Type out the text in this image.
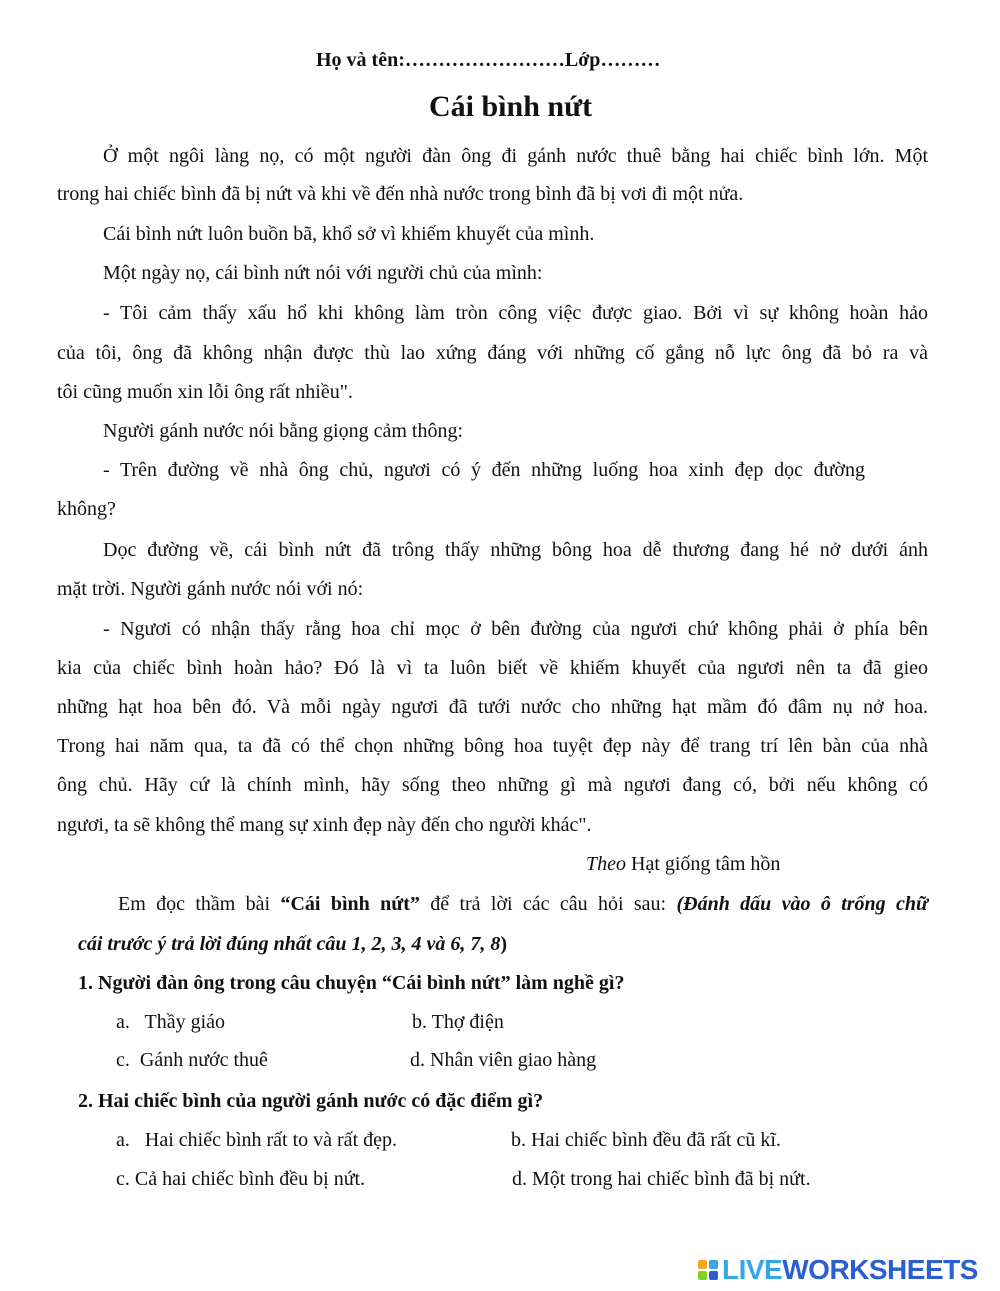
Họ và tên:……………………Lớp………
Cái bình nứt
Ở một ngôi làng nọ, có một người đàn ông đi gánh nước thuê bằng hai chiếc bình lớn. Một
trong hai chiếc bình đã bị nứt và khi về đến nhà nước trong bình đã bị vơi đi một nửa.
Cái bình nứt luôn buồn bã, khổ sở vì khiếm khuyết của mình.
Một ngày nọ, cái bình nứt nói với người chủ của mình:
- Tôi cảm thấy xấu hổ khi không làm tròn công việc được giao. Bởi vì sự không hoàn hảo
của tôi, ông đã không nhận được thù lao xứng đáng với những cố gắng nỗ lực ông đã bỏ ra và
tôi cũng muốn xin lỗi ông rất nhiều".
Người gánh nước nói bằng giọng cảm thông:
- Trên đường về nhà ông chủ, ngươi có ý đến những luống hoa xinh đẹp dọc đường
không?
Dọc đường về, cái bình nứt đã trông thấy những bông hoa dễ thương đang hé nở dưới ánh
mặt trời. Người gánh nước nói với nó:
- Ngươi có nhận thấy rằng hoa chỉ mọc ở bên đường của ngươi chứ không phải ở phía bên
kia của chiếc bình hoàn hảo? Đó là vì ta luôn biết về khiếm khuyết của ngươi nên ta đã gieo
những hạt hoa bên đó. Và mỗi ngày ngươi đã tưới nước cho những hạt mầm đó đâm nụ nở hoa.
Trong hai năm qua, ta đã có thể chọn những bông hoa tuyệt đẹp này để trang trí lên bàn của nhà
ông chủ. Hãy cứ là chính mình, hãy sống theo những gì mà ngươi đang có, bởi nếu không có
ngươi, ta sẽ không thể mang sự xinh đẹp này đến cho người khác".
Theo Hạt giống tâm hồn
Em đọc thầm bài “Cái bình nứt” để trả lời các câu hỏi sau: (Đánh dấu vào ô trống chữ
cái trước ý trả lời đúng nhất câu 1, 2, 3, 4 và 6, 7, 8)
1. Người đàn ông trong câu chuyện “Cái bình nứt” làm nghề gì?
a.   Thầy giáo	b. Thợ điện
c.  Gánh nước thuê	d. Nhân viên giao hàng
2. Hai chiếc bình của người gánh nước có đặc điểm gì?
a.   Hai chiếc bình rất to và rất đẹp.	b. Hai chiếc bình đều đã rất cũ kĩ.
c. Cả hai chiếc bình đều bị nứt.	d. Một trong hai chiếc bình đã bị nứt.
LIVEWORKSHEETS
